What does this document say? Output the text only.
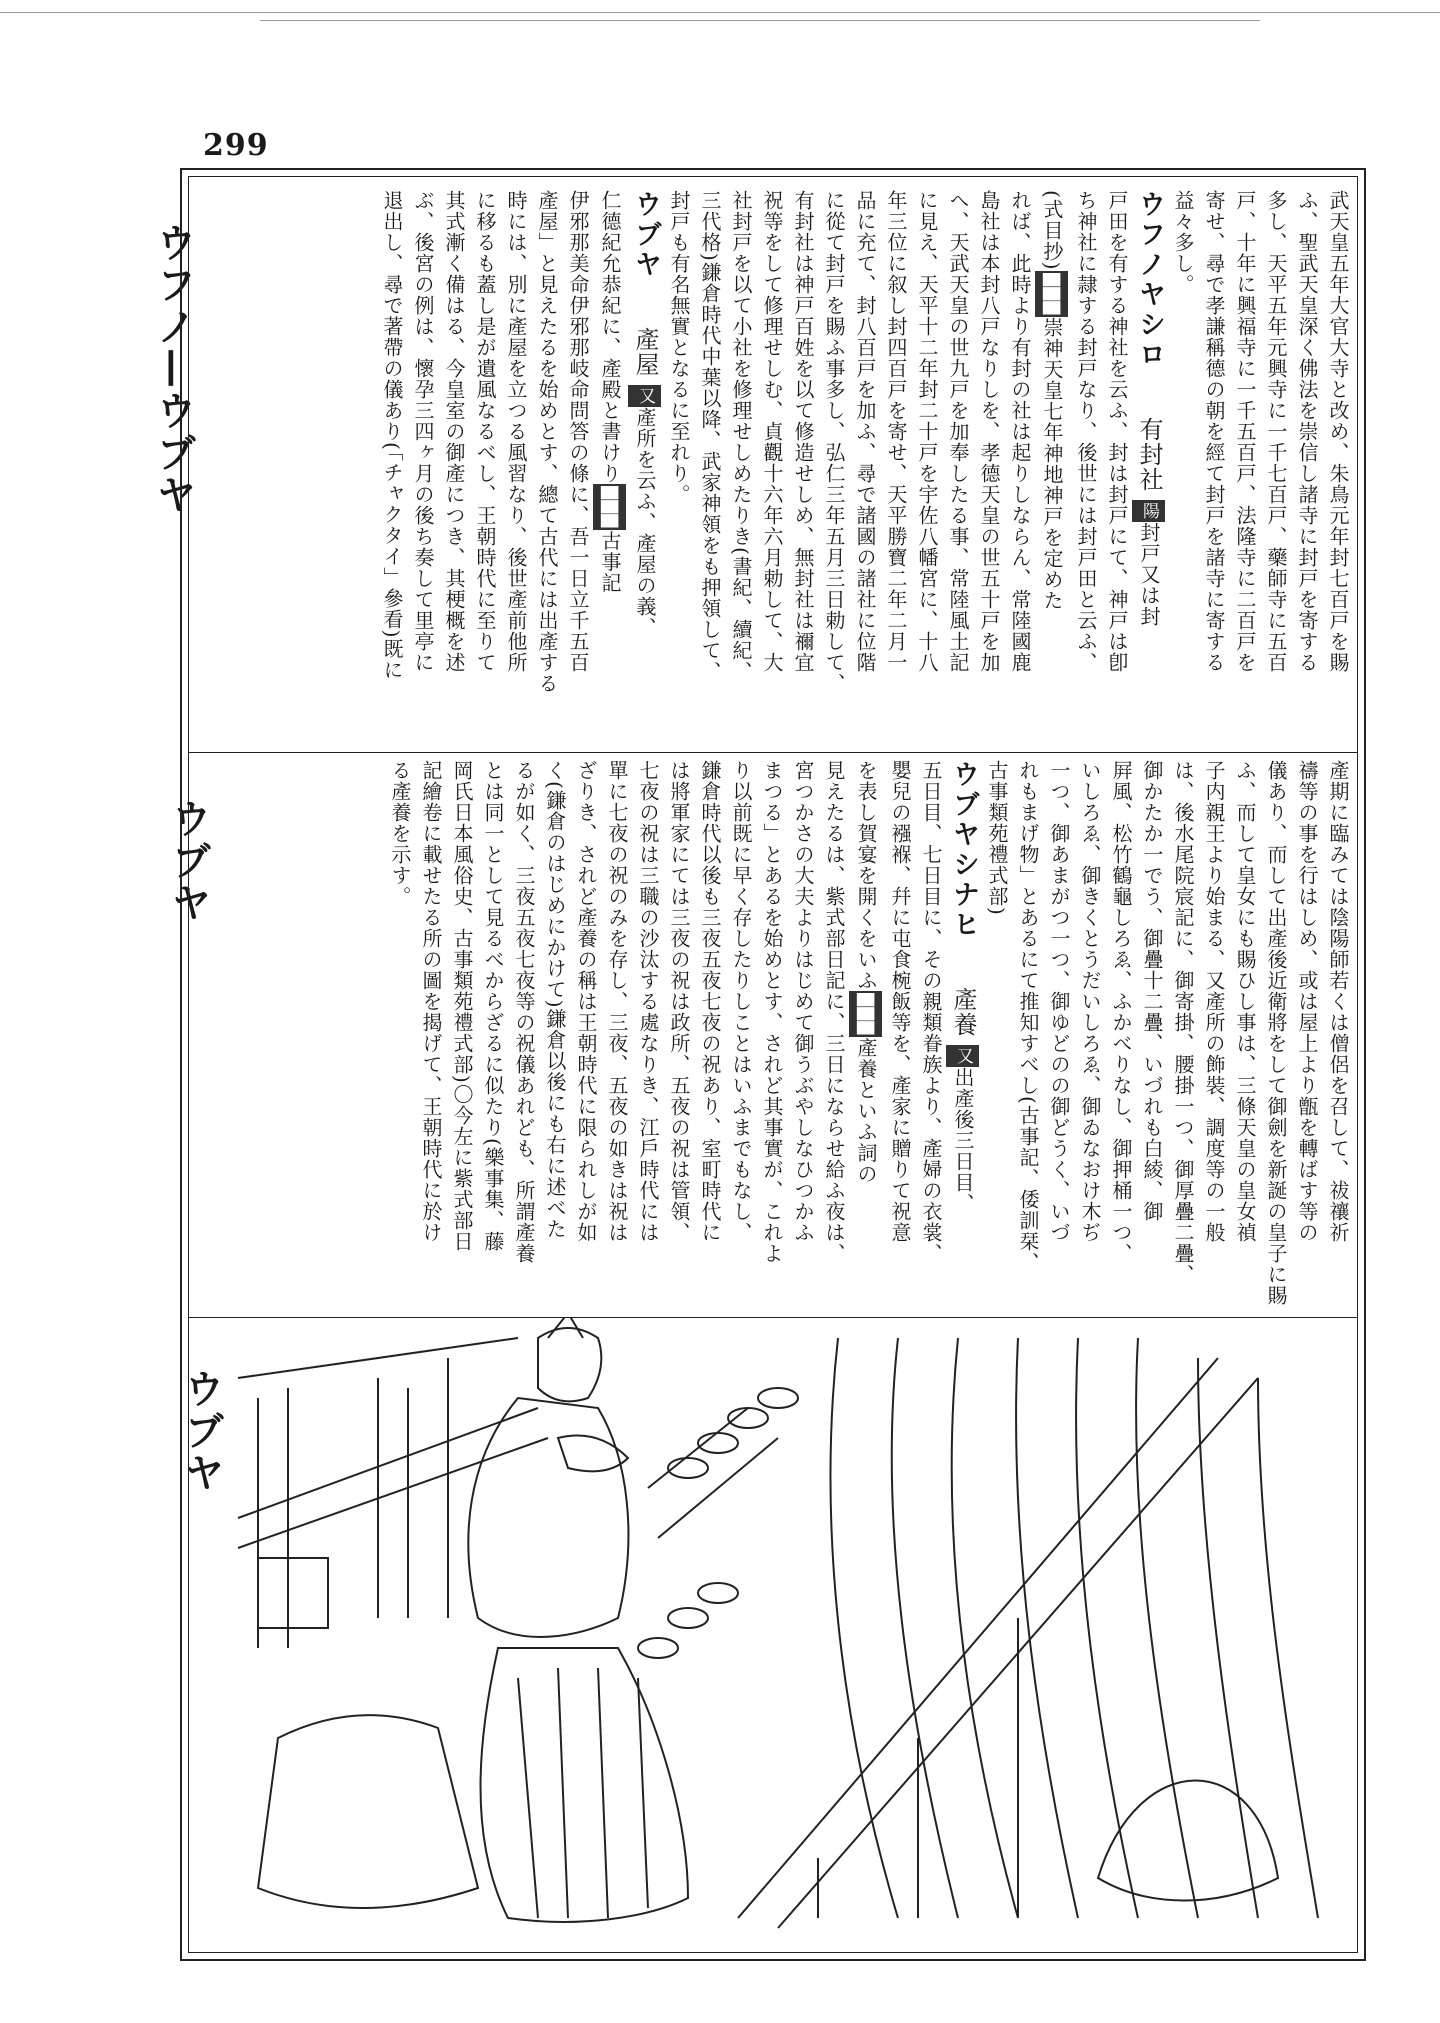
299
ウフノ—ウブヤ
ウブヤ
ウブヤ
武天皇五年大官大寺と改め、朱鳥元年封七百戸を賜
ふ、聖武天皇深く佛法を崇信し諸寺に封戸を寄する
多し、天平五年元興寺に一千七百戸、藥師寺に五百
戸、十年に興福寺に一千五百戸、法隆寺に二百戸を
寄せ、尋で孝謙稱德の朝を經て封戸を諸寺に寄する
益々多し。
ウフノヤシロ 有封社 陽封戸又は封
戸田を有する神社を云ふ、封は封戸にて、神戸は卽
ち神社に隷する封戸なり、後世には封戸田と云ふ、
(式目抄)▇▇▇崇神天皇七年神地神戸を定めた
れば、此時より有封の社は起りしならん、常陸國鹿
島社は本封八戸なりしを、孝德天皇の世五十戸を加
へ、天武天皇の世九戸を加奉したる事、常陸風土記
に見え、天平十二年封二十戸を宇佐八幡宮に、十八
年三位に叙し封四百戸を寄せ、天平勝寶二年二月一
品に充て、封八百戸を加ふ、尋で諸國の諸社に位階
に從て封戸を賜ふ事多し、弘仁三年五月三日勅して、
有封社は神戸百姓を以て修造せしめ、無封社は禰宜
祝等をして修理せしむ、貞觀十六年六月勅して、大
社封戸を以て小社を修理せしめたりき(書紀、續紀、
三代格)鎌倉時代中葉以降、武家神領をも押領して、
封戸も有名無實となるに至れり。
ウブヤ 產屋 又產所を云ふ、產屋の義、
仁德紀允恭紀に、產殿と書けり▇▇▇古事記
伊邪那美命伊邪那岐命問答の條に、吾一日立千五百
產屋」と見えたるを始めとす、總て古代には出產する
時には、別に產屋を立つる風習なり、後世產前他所
に移るも蓋し是が遺風なるべし、王朝時代に至りて
其式漸く備はる、今皇室の御產につき、其梗概を述
ぶ、後宮の例は、懷孕三四ヶ月の後ち奏して里亭に
退出し、尋で著帶の儀あり(「チャクタイ」參看)既に
產期に臨みては陰陽師若くは僧侶を召して、祓禳祈
禱等の事を行はしめ、或は屋上より甑を轉ばす等の
儀あり、而して出產後近衛將をして御劍を新誕の皇子に賜
ふ、而して皇女にも賜ひし事は、三條天皇の皇女禎
子内親王より始まる、又產所の飾裝、調度等の一般
は、後水尾院宸記に、御寄掛、腰掛一つ、御厚疊二疊、
御かたか一でう、御疊十二疊、いづれも白綾、御
屛風、松竹鶴龜しろゑ、ふかべりなし、御押桶一つ、
いしろゑ、御きくとうだいしろゑ、御ゐなおけ木ぢ
一つ、御あまがつ一つ、御ゆどのの御どうく、いづ
れもまげ物」とあるにて推知すべし(古事記、倭訓栞、
古事類苑禮式部)
ウブヤシナヒ 產養 又出產後三日目、
五日目、七日目に、その親類眷族より、產婦の衣裳、
嬰兒の襁褓、幷に屯食椀飯等を、產家に贈りて祝意
を表し賀宴を開くをいふ▇▇▇產養といふ詞の
見えたるは、紫式部日記に、三日にならせ給ふ夜は、
宮つかさの大夫よりはじめて御うぶやしなひつかふ
まつる」とあるを始めとす、されど其事實が、これよ
り以前既に早く存したりしことはいふまでもなし、
鎌倉時代以後も三夜五夜七夜の祝あり、室町時代に
は將軍家にては三夜の祝は政所、五夜の祝は管領、
七夜の祝は三職の沙汰する處なりき、江戶時代には
單に七夜の祝のみを存し、三夜、五夜の如きは祝は
ざりき、されど產養の稱は王朝時代に限られしが如
く(鎌倉のはじめにかけて)鎌倉以後にも右に述べた
るが如く、三夜五夜七夜等の祝儀あれども、所謂產養
とは同一として見るべからざるに似たり(樂事集、藤
岡氏日本風俗史、古事類苑禮式部)〇今左に紫式部日
記繪卷に載せたる所の圖を揭げて、王朝時代に於け
る產養を示す。
